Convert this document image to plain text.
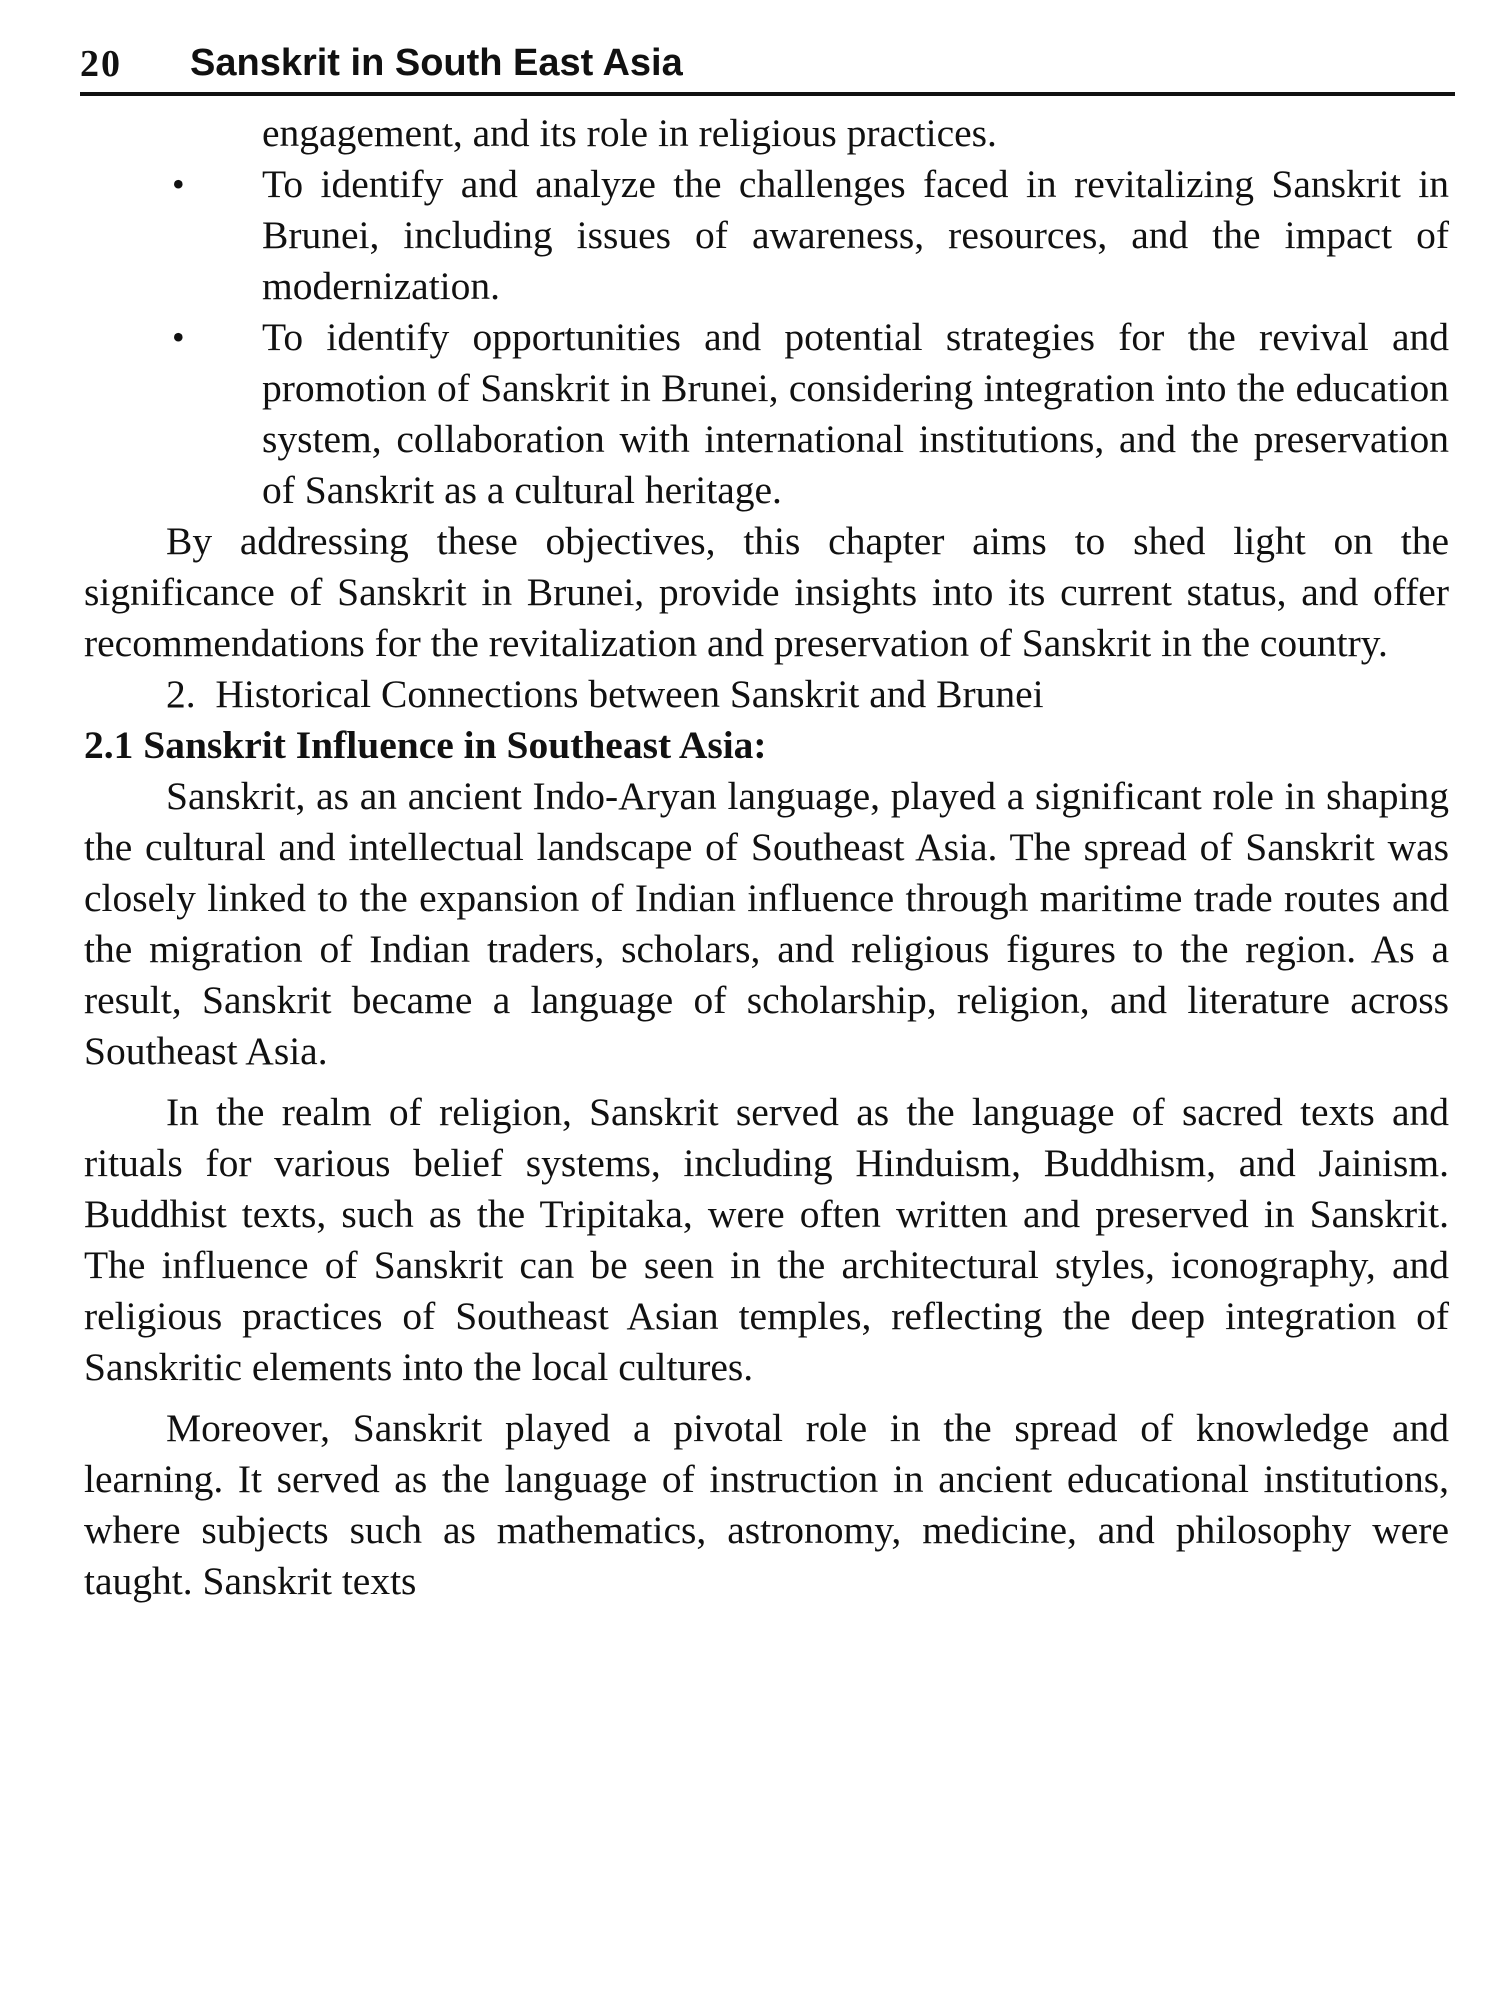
20 Sanskrit in South East Asia

engagement, and its role in religious practices.

• To identify and analyze the challenges faced in revitalizing Sanskrit in Brunei, including issues of awareness, resources, and the impact of modernization.
• To identify opportunities and potential strategies for the revival and promotion of Sanskrit in Brunei, considering integration into the education system, collaboration with international institutions, and the preservation of Sanskrit as a cultural heritage.

By addressing these objectives, this chapter aims to shed light on the significance of Sanskrit in Brunei, provide insights into its current status, and offer recommendations for the revitalization and preservation of Sanskrit in the country.

2. Historical Connections between Sanskrit and Brunei

2.1 Sanskrit Influence in Southeast Asia:

Sanskrit, as an ancient Indo-Aryan language, played a significant role in shaping the cultural and intellectual landscape of Southeast Asia. The spread of Sanskrit was closely linked to the expansion of Indian influence through maritime trade routes and the migration of Indian traders, scholars, and religious figures to the region. As a result, Sanskrit became a language of scholarship, religion, and literature across Southeast Asia.

In the realm of religion, Sanskrit served as the language of sacred texts and rituals for various belief systems, including Hinduism, Buddhism, and Jainism. Buddhist texts, such as the Tripitaka, were often written and preserved in Sanskrit. The influence of Sanskrit can be seen in the architectural styles, iconography, and religious practices of Southeast Asian temples, reflecting the deep integration of Sanskritic elements into the local cultures.

Moreover, Sanskrit played a pivotal role in the spread of knowledge and learning. It served as the language of instruction in ancient educational institutions, where subjects such as mathematics, astronomy, medicine, and philosophy were taught. Sanskrit texts
